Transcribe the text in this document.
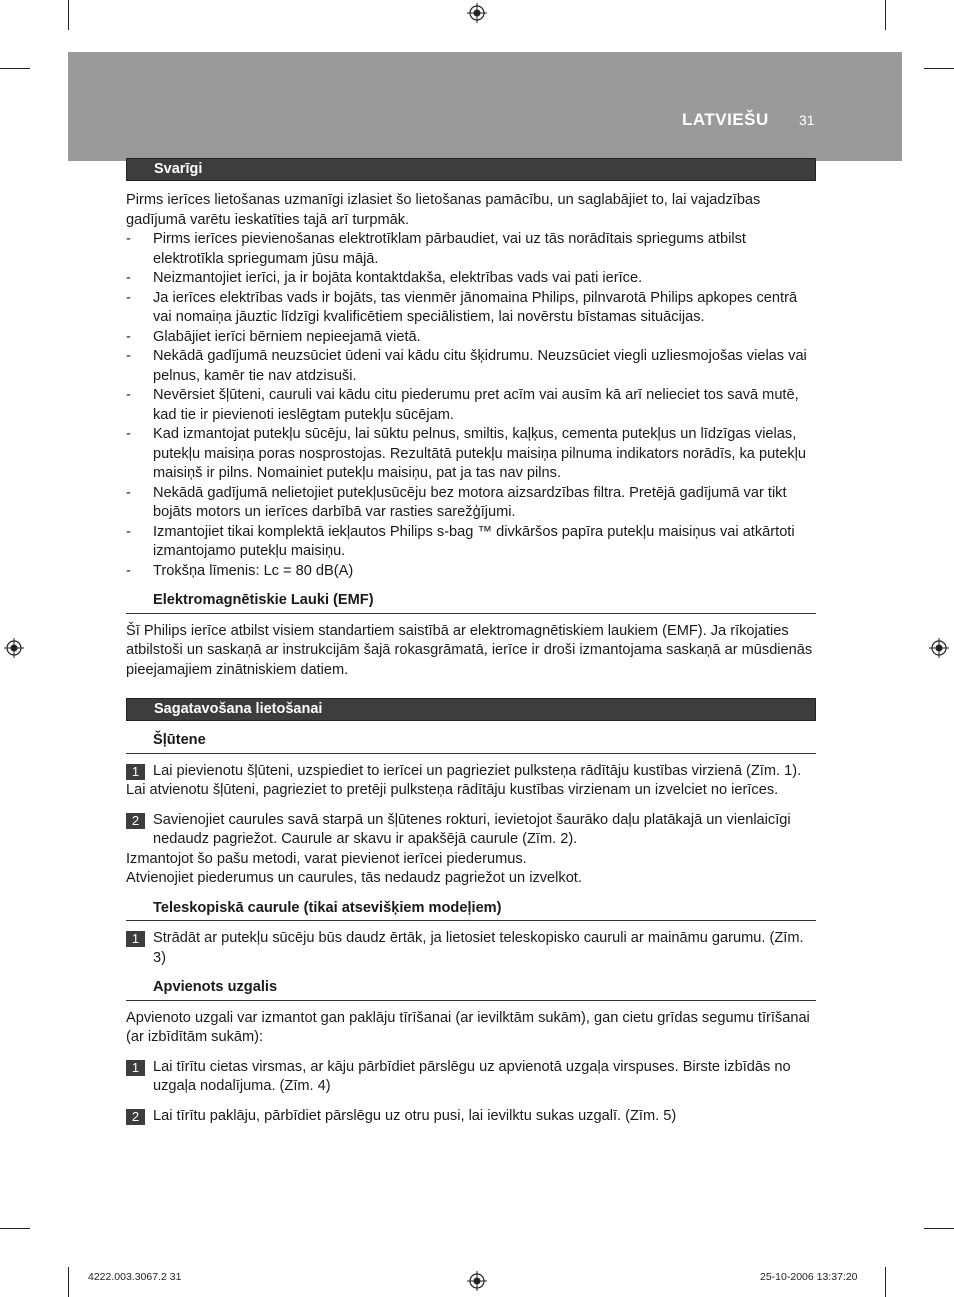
LATVIEŠU 31
Svarīgi

Pirms ierīces lietošanas uzmanīgi izlasiet šo lietošanas pamācību, un saglabājiet to, lai vajadzības gadījumā varētu ieskatīties tajā arī turpmāk.

- Pirms ierīces pievienošanas elektrotīklam pārbaudiet, vai uz tās norādītais spriegums atbilst elektrotīkla spriegumam jūsu mājā.
- Neizmantojiet ierīci, ja ir bojāta kontaktdakša, elektrības vads vai pati ierīce.
- Ja ierīces elektrības vads ir bojāts, tas vienmēr jānomaina Philips, pilnvarotā Philips apkopes centrā vai nomaiņa jāuztic līdzīgi kvalificētiem speciālistiem, lai novērstu bīstamas situācijas.
- Glabājiet ierīci bērniem nepieejamā vietā.
- Nekādā gadījumā neuzsūciet ūdeni vai kādu citu šķidrumu. Neuzsūciet viegli uzliesmojošas vielas vai pelnus, kamēr tie nav atdzisuši.
- Nevērsiet šļūteni, cauruli vai kādu citu piederumu pret acīm vai ausīm kā arī nelieciet tos savā mutē, kad tie ir pievienoti ieslēgtam putekļu sūcējam.
- Kad izmantojat putekļu sūcēju, lai sūktu pelnus, smiltis, kaļķus, cementa putekļus un līdzīgas vielas, putekļu maisiņa poras nosprostojas. Rezultātā putekļu maisiņa pilnuma indikators norādīs, ka putekļu maisiņš ir pilns. Nomainiet putekļu maisiņu, pat ja tas nav pilns.
- Nekādā gadījumā nelietojiet putekļusūcēju bez motora aizsardzības filtra. Pretējā gadījumā var tikt bojāts motors un ierīces darbībā var rasties sarežģījumi.
- Izmantojiet tikai komplektā iekļautos Philips s-bag ™ divkāršos papīra putekļu maisiņus vai atkārtoti izmantojamo putekļu maisiņu.
- Trokšņa līmenis: Lc = 80 dB(A)
Elektromagnētiskie Lauki (EMF)

Šī Philips ierīce atbilst visiem standartiem saistībā ar elektromagnētiskiem laukiem (EMF). Ja rīkojaties atbilstoši un saskaņā ar instrukcijām šajā rokasgrāmatā, ierīce ir droši izmantojama saskaņā ar mūsdienās pieejamajiem zinātniskiem datiem.

Sagatavošana lietošanai
Šļūtene
1 Lai pievienotu šļūteni, uzspiediet to ierīcei un pagrieziet pulksteņa rādītāju kustības virzienā (Zīm. 1).

Lai atvienotu šļūteni, pagrieziet to pretēji pulksteņa rādītāju kustības virzienam un izvelciet no ierīces.

2 Savienojiet caurules savā starpā un šļūtenes rokturi, ievietojot šaurāko daļu platākajā un vienlaicīgi nedaudz pagriežot. Caurule ar skavu ir apakšējā caurule (Zīm. 2).

Izmantojot šo pašu metodi, varat pievienot ierīcei piederumus.

Atvienojiet piederumus un caurules, tās nedaudz pagriežot un izvelkot.

Teleskopiskā caurule (tikai atsevišķiem modeļiem)
1 Strādāt ar putekļu sūcēju būs daudz ērtāk, ja lietosiet teleskopisko cauruli ar maināmu garumu. (Zīm. 3)
Apvienots uzgalis

Apvienoto uzgali var izmantot gan paklāju tīrīšanai (ar ievilktām sukām), gan cietu grīdas segumu tīrīšanai (ar izbīdītām sukām):

1 Lai tīrītu cietas virsmas, ar kāju pārbīdiet pārslēgu uz apvienotā uzgaļa virspuses. Birste izbīdās no uzgaļa nodalījuma. (Zīm. 4)
2 Lai tīrītu paklāju, pārbīdiet pārslēgu uz otru pusi, lai ievilktu sukas uzgalī. (Zīm. 5)
4222.003.3067.2 31	25-10-2006 13:37:20
